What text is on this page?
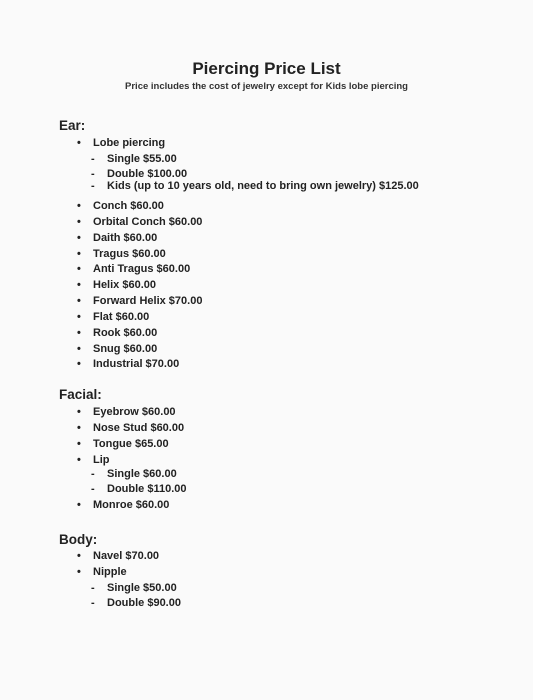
Piercing Price List
Price includes the cost of jewelry except for Kids lobe piercing
Ear:
• Lobe piercing
- Single $55.00
- Double $100.00
- Kids (up to 10 years old, need to bring own jewelry) $125.00
• Conch $60.00
• Orbital Conch $60.00
• Daith $60.00
• Tragus $60.00
• Anti Tragus $60.00
• Helix $60.00
• Forward Helix $70.00
• Flat $60.00
• Rook $60.00
• Snug $60.00
• Industrial $70.00
Facial:
• Eyebrow $60.00
• Nose Stud $60.00
• Tongue $65.00
• Lip
- Single $60.00
- Double $110.00
• Monroe $60.00
Body:
• Navel $70.00
• Nipple
- Single $50.00
- Double $90.00
